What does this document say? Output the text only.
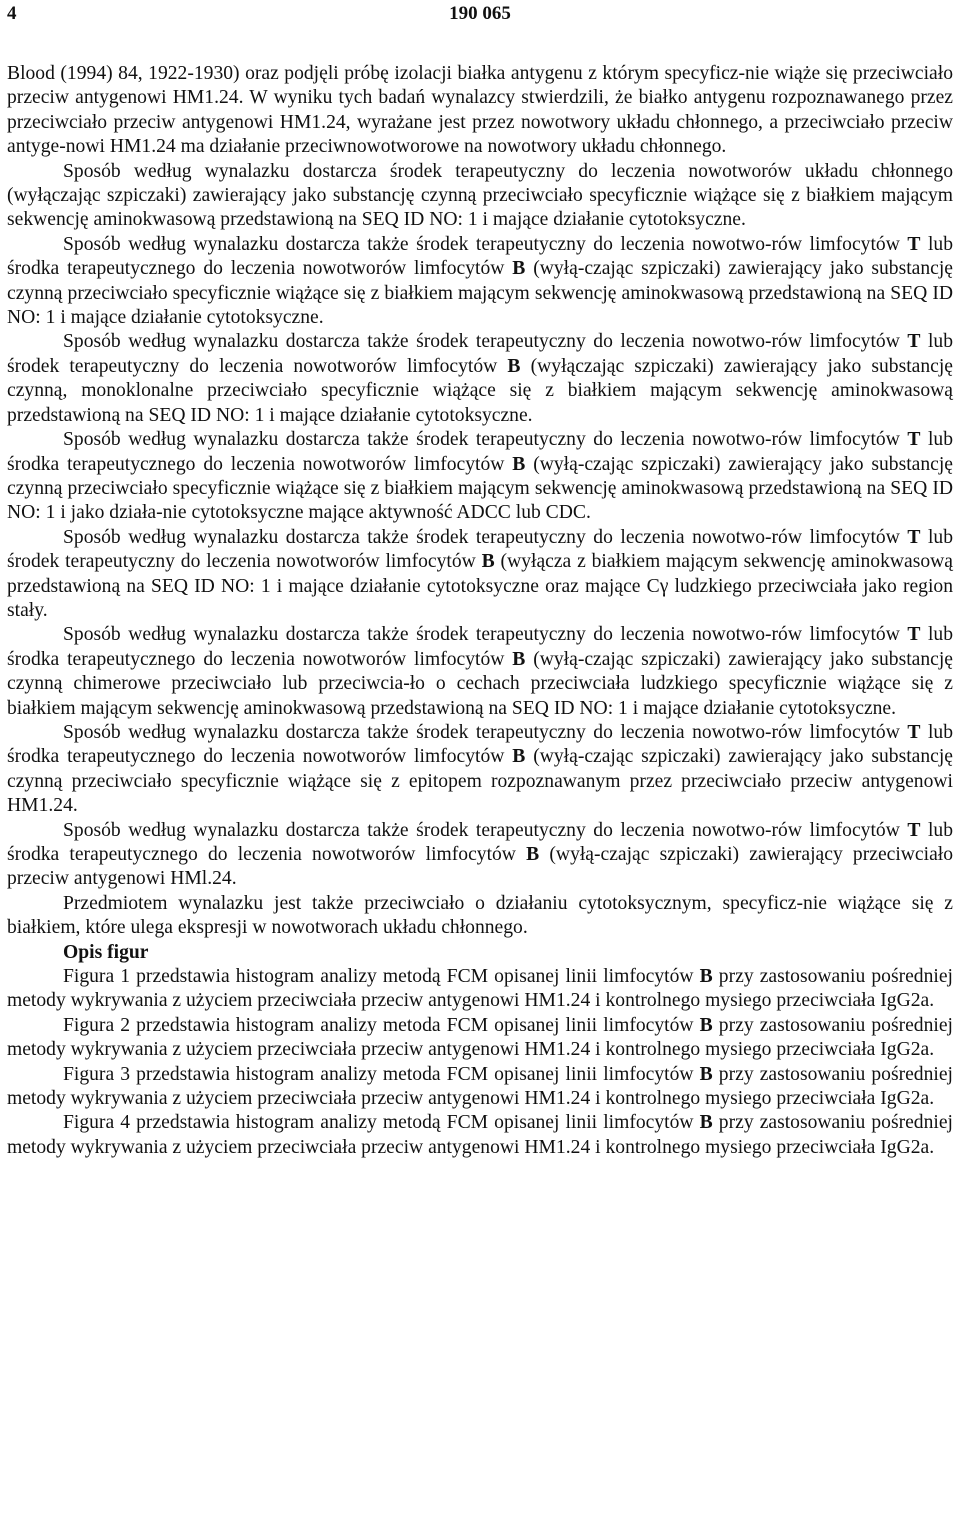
4	190 065

Blood (1994) 84, 1922-1930) oraz podjęli próbę izolacji białka antygenu z którym specyficz-nie wiąże się przeciwciało przeciw antygenowi HM1.24. W wyniku tych badań wynalazcy stwierdzili, że białko antygenu rozpoznawanego przez przeciwciało przeciw antygenowi HM1.24, wyrażane jest przez nowotwory układu chłonnego, a przeciwciało przeciw antyge-nowi HM1.24 ma działanie przeciwnowotworowe na nowotwory układu chłonnego.

Sposób według wynalazku dostarcza środek terapeutyczny do leczenia nowotworów układu chłonnego (wyłączając szpiczaki) zawierający jako substancję czynną przeciwciało specyficznie wiążące się z białkiem mającym sekwencję aminokwasową przedstawioną na SEQ ID NO: 1 i mające działanie cytotoksyczne.

Sposób według wynalazku dostarcza także środek terapeutyczny do leczenia nowotwo-rów limfocytów T lub środka terapeutycznego do leczenia nowotworów limfocytów B (wyłą-czając szpiczaki) zawierający jako substancję czynną przeciwciało specyficznie wiążące się z białkiem mającym sekwencję aminokwasową przedstawioną na SEQ ID NO: 1 i mające działanie cytotoksyczne.

Sposób według wynalazku dostarcza także środek terapeutyczny do leczenia nowotwo-rów limfocytów T lub środek terapeutyczny do leczenia nowotworów limfocytów B (wyłączając szpiczaki) zawierający jako substancję czynną, monoklonalne przeciwciało specyficznie wiążące się z białkiem mającym sekwencję aminokwasową przedstawioną na SEQ ID NO: 1 i mające działanie cytotoksyczne.

Sposób według wynalazku dostarcza także środek terapeutyczny do leczenia nowotwo-rów limfocytów T lub środka terapeutycznego do leczenia nowotworów limfocytów B (wyłą-czając szpiczaki) zawierający jako substancję czynną przeciwciało specyficznie wiążące się z białkiem mającym sekwencję aminokwasową przedstawioną na SEQ ID NO: 1 i jako działa-nie cytotoksyczne mające aktywność ADCC lub CDC.

Sposób według wynalazku dostarcza także środek terapeutyczny do leczenia nowotwo-rów limfocytów T lub środek terapeutyczny do leczenia nowotworów limfocytów B (wyłącza z białkiem mającym sekwencję aminokwasową przedstawioną na SEQ ID NO: 1 i mające działanie cytotoksyczne oraz mające Cγ ludzkiego przeciwciała jako region stały.

Sposób według wynalazku dostarcza także środek terapeutyczny do leczenia nowotwo-rów limfocytów T lub środka terapeutycznego do leczenia nowotworów limfocytów B (wyłą-czając szpiczaki) zawierający jako substancję czynną chimerowe przeciwciało lub przeciwcia-ło o cechach przeciwciała ludzkiego specyficznie wiążące się z białkiem mającym sekwencję aminokwasową przedstawioną na SEQ ID NO: 1 i mające działanie cytotoksyczne.

Sposób według wynalazku dostarcza także środek terapeutyczny do leczenia nowotwo-rów limfocytów T lub środka terapeutycznego do leczenia nowotworów limfocytów B (wyłą-czając szpiczaki) zawierający jako substancję czynną przeciwciało specyficznie wiążące się z epitopem rozpoznawanym przez przeciwciało przeciw antygenowi HM1.24.

Sposób według wynalazku dostarcza także środek terapeutyczny do leczenia nowotwo-rów limfocytów T lub środka terapeutycznego do leczenia nowotworów limfocytów B (wyłą-czając szpiczaki) zawierający przeciwciało przeciw antygenowi HMl.24.

Przedmiotem wynalazku jest także przeciwciało o działaniu cytotoksycznym, specyficz-nie wiążące się z białkiem, które ulega ekspresji w nowotworach układu chłonnego.

Opis figur

Figura 1 przedstawia histogram analizy metodą FCM opisanej linii limfocytów B przy zastosowaniu pośredniej metody wykrywania z użyciem przeciwciała przeciw antygenowi HM1.24 i kontrolnego mysiego przeciwciała IgG2a.

Figura 2 przedstawia histogram analizy metoda FCM opisanej linii limfocytów B przy zastosowaniu pośredniej metody wykrywania z użyciem przeciwciała przeciw antygenowi HM1.24 i kontrolnego mysiego przeciwciała IgG2a.

Figura 3 przedstawia histogram analizy metoda FCM opisanej linii limfocytów B przy zastosowaniu pośredniej metody wykrywania z użyciem przeciwciała przeciw antygenowi HM1.24 i kontrolnego mysiego przeciwciała IgG2a.

Figura 4 przedstawia histogram analizy metodą FCM opisanej linii limfocytów B przy zastosowaniu pośredniej metody wykrywania z użyciem przeciwciała przeciw antygenowi HM1.24 i kontrolnego mysiego przeciwciała IgG2a.
